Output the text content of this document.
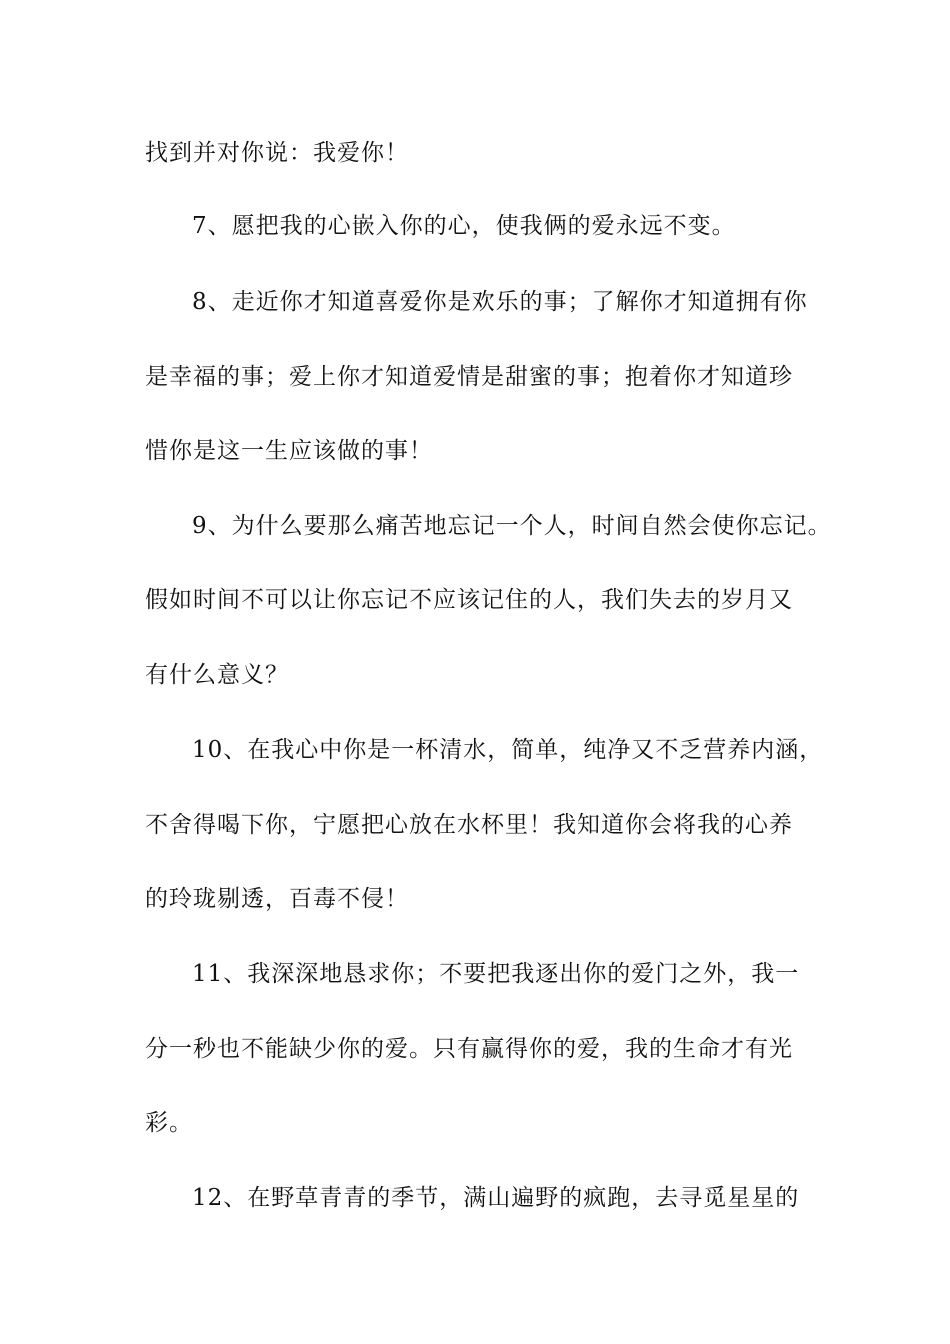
找到并对你说：我爱你！
7、愿把我的心嵌入你的心，使我俩的爱永远不变。
8、走近你才知道喜爱你是欢乐的事；了解你才知道拥有你
是幸福的事；爱上你才知道爱情是甜蜜的事；抱着你才知道珍
惜你是这一生应该做的事！
9、为什么要那么痛苦地忘记一个人，时间自然会使你忘记。
假如时间不可以让你忘记不应该记住的人，我们失去的岁月又
有什么意义？
10、在我心中你是一杯清水，简单，纯净又不乏营养内涵，
不舍得喝下你，宁愿把心放在水杯里！我知道你会将我的心养
的玲珑剔透，百毒不侵！
11、我深深地恳求你；不要把我逐出你的爱门之外，我一
分一秒也不能缺少你的爱。只有赢得你的爱，我的生命才有光
彩。
12、在野草青青的季节，满山遍野的疯跑，去寻觅星星的
